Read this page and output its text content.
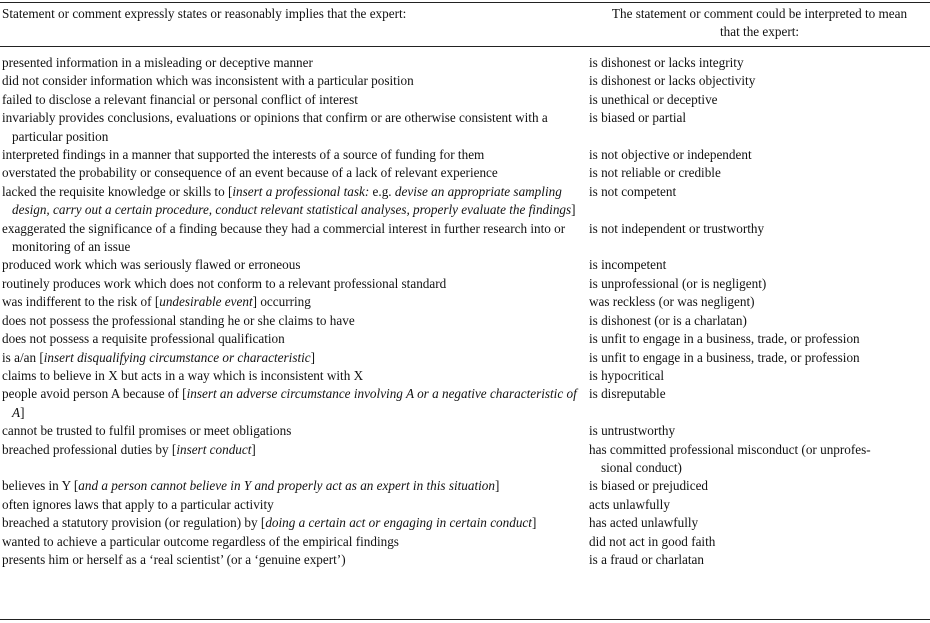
Statement or comment expressly states or reasonably implies that the expert:	The statement or comment could be interpreted to mean
that the expert:
presented information in a misleading or deceptive manner	is dishonest or lacks integrity

did not consider information which was inconsistent with a particular position	is dishonest or lacks objectivity

failed to disclose a relevant financial or personal conflict of interest	is unethical or deceptive

invariably provides conclusions, evaluations or opinions that confirm or are otherwise consistent with a particular position	is biased or partial

interpreted findings in a manner that supported the interests of a source of funding for them	is not objective or independent

overstated the probability or consequence of an event because of a lack of relevant experience	is not reliable or credible

lacked the requisite knowledge or skills to [insert a professional task: e.g. devise an appropriate sampling design, carry out a certain procedure, conduct relevant statistical analyses, properly evaluate the findings]	is not competent

exaggerated the significance of a finding because they had a commercial interest in further research into or monitoring of an issue	is not independent or trustworthy

produced work which was seriously flawed or erroneous	is incompetent

routinely produces work which does not conform to a relevant professional standard	is unprofessional (or is negligent)

was indifferent to the risk of [undesirable event] occurring	was reckless (or was negligent)

does not possess the professional standing he or she claims to have	is dishonest (or is a charlatan)

does not possess a requisite professional qualification	is unfit to engage in a business, trade, or profession

is a/an [insert disqualifying circumstance or characteristic]	is unfit to engage in a business, trade, or profession

claims to believe in X but acts in a way which is inconsistent with X	is hypocritical

people avoid person A because of [insert an adverse circumstance involving A or a negative characteristic of A]	is disreputable

cannot be trusted to fulfil promises or meet obligations	is untrustworthy

breached professional duties by [insert conduct]	has committed professional misconduct (or unprofes-
sional conduct)

believes in Y [and a person cannot believe in Y and properly act as an expert in this situation]	is biased or prejudiced

often ignores laws that apply to a particular activity	acts unlawfully

breached a statutory provision (or regulation) by [doing a certain act or engaging in certain conduct]	has acted unlawfully

wanted to achieve a particular outcome regardless of the empirical findings	did not act in good faith

presents him or herself as a ‘real scientist’ (or a ‘genuine expert’)	is a fraud or charlatan
